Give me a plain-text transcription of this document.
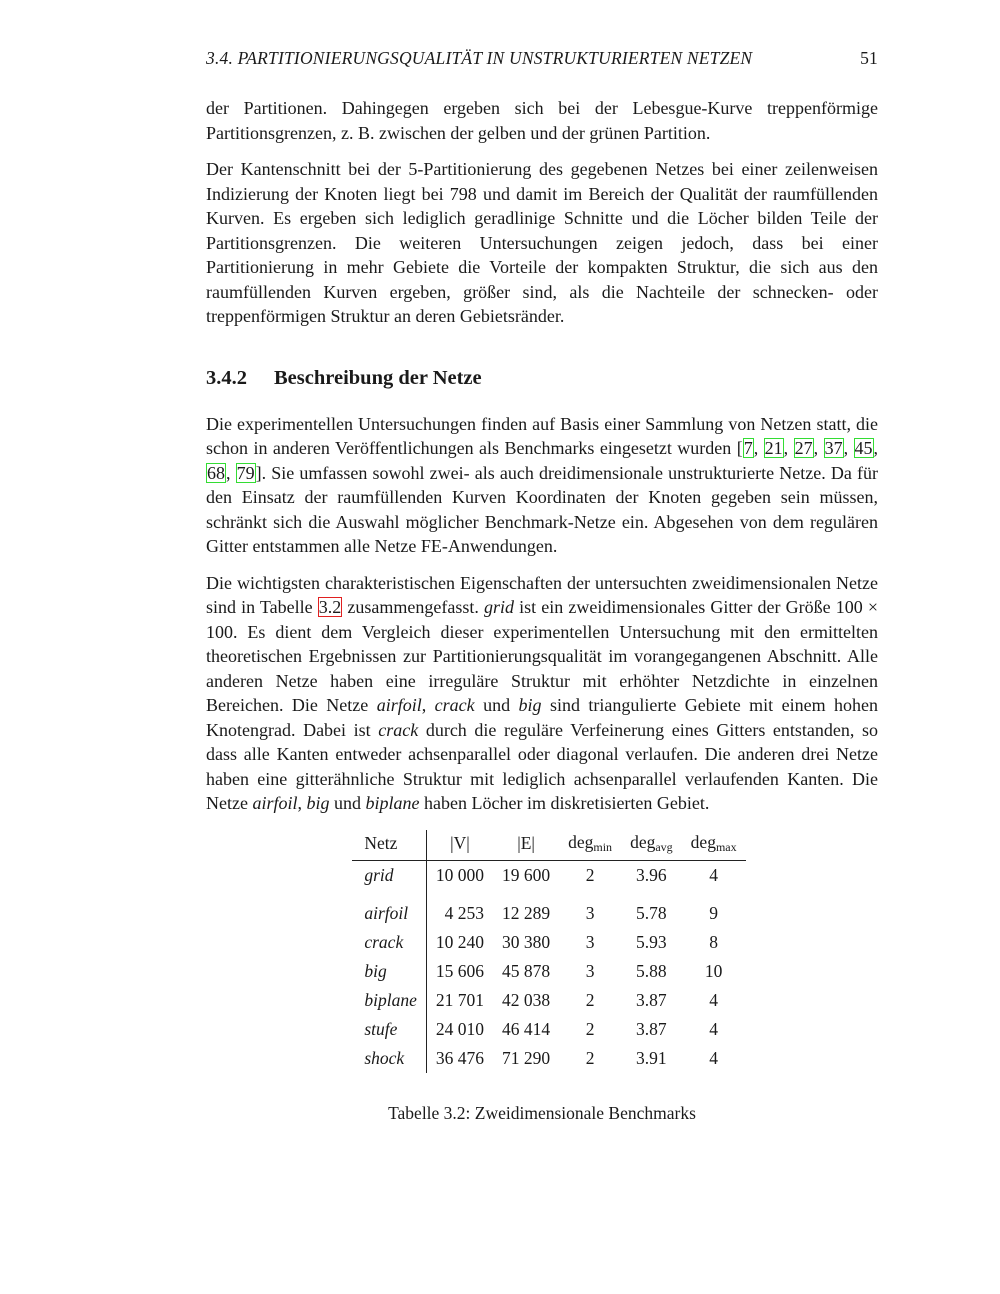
3.4. PARTITIONIERUNGSQUALITÄT IN UNSTRUKTURIERTEN NETZEN	51

der Partitionen. Dahingegen ergeben sich bei der Lebesgue-Kurve treppenförmige Partitionsgrenzen, z. B. zwischen der gelben und der grünen Partition.

Der Kantenschnitt bei der 5-Partitionierung des gegebenen Netzes bei einer zeilenweisen Indizierung der Knoten liegt bei 798 und damit im Bereich der Qualität der raumfüllenden Kurven. Es ergeben sich lediglich geradlinige Schnitte und die Löcher bilden Teile der Partitionsgrenzen. Die weiteren Untersuchungen zeigen jedoch, dass bei einer Partitionierung in mehr Gebiete die Vorteile der kompakten Struktur, die sich aus den raumfüllenden Kurven ergeben, größer sind, als die Nachteile der schnecken- oder treppenförmigen Struktur an deren Gebietsränder.

3.4.2	Beschreibung der Netze

Die experimentellen Untersuchungen finden auf Basis einer Sammlung von Netzen statt, die schon in anderen Veröffentlichungen als Benchmarks eingesetzt wurden [7, 21, 27, 37, 45, 68, 79]. Sie umfassen sowohl zwei- als auch dreidimensionale unstrukturierte Netze. Da für den Einsatz der raumfüllenden Kurven Koordinaten der Knoten gegeben sein müssen, schränkt sich die Auswahl möglicher Benchmark-Netze ein. Abgesehen von dem regulären Gitter entstammen alle Netze FE-Anwendungen.

Die wichtigsten charakteristischen Eigenschaften der untersuchten zweidimensionalen Netze sind in Tabelle 3.2 zusammengefasst. grid ist ein zweidimensionales Gitter der Größe 100 × 100. Es dient dem Vergleich dieser experimentellen Untersuchung mit den ermittelten theoretischen Ergebnissen zur Partitionierungsqualität im vorangegangenen Abschnitt. Alle anderen Netze haben eine irreguläre Struktur mit erhöhter Netzdichte in einzelnen Bereichen. Die Netze airfoil, crack und big sind triangulierte Gebiete mit einem hohen Knotengrad. Dabei ist crack durch die reguläre Verfeinerung eines Gitters entstanden, so dass alle Kanten entweder achsenparallel oder diagonal verlaufen. Die anderen drei Netze haben eine gitterähnliche Struktur mit lediglich achsenparallel verlaufenden Kanten. Die Netze airfoil, big und biplane haben Löcher im diskretisierten Gebiet.

Netz	|V|	|E|	deg$_{min}$	deg$_{avg}$	deg$_{max}$
grid	10 000	19 600	2	3.96	4

airfoil	4 253	12 289	3	5.78	9
crack	10 240	30 380	3	5.93	8
big	15 606	45 878	3	5.88	10
biplane	21 701	42 038	2	3.87	4
stufe	24 010	46 414	2	3.87	4
shock	36 476	71 290	2	3.91	4
Tabelle 3.2: Zweidimensionale Benchmarks
